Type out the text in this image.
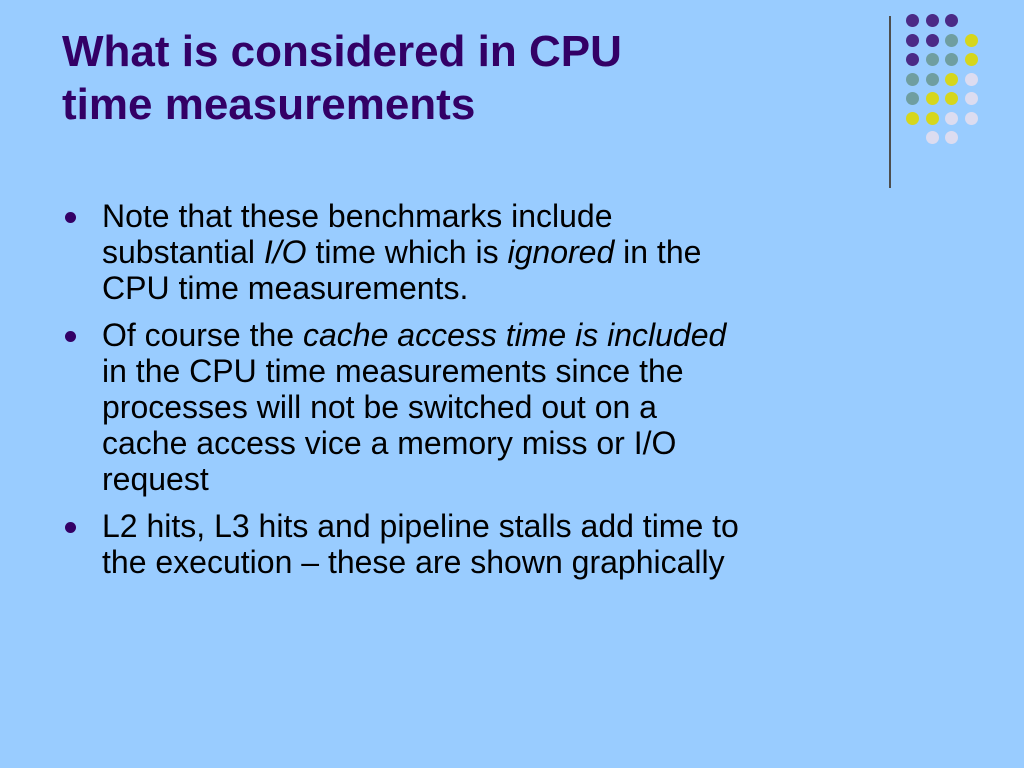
What is considered in CPU
time measurements
Note that these benchmarks include
substantial I/O time which is ignored in the
CPU time measurements.
Of course the cache access time is included
in the CPU time measurements since the
processes will not be switched out on a
cache access vice a memory miss or I/O
request
L2 hits, L3 hits and pipeline stalls add time to
the execution – these are shown graphically
